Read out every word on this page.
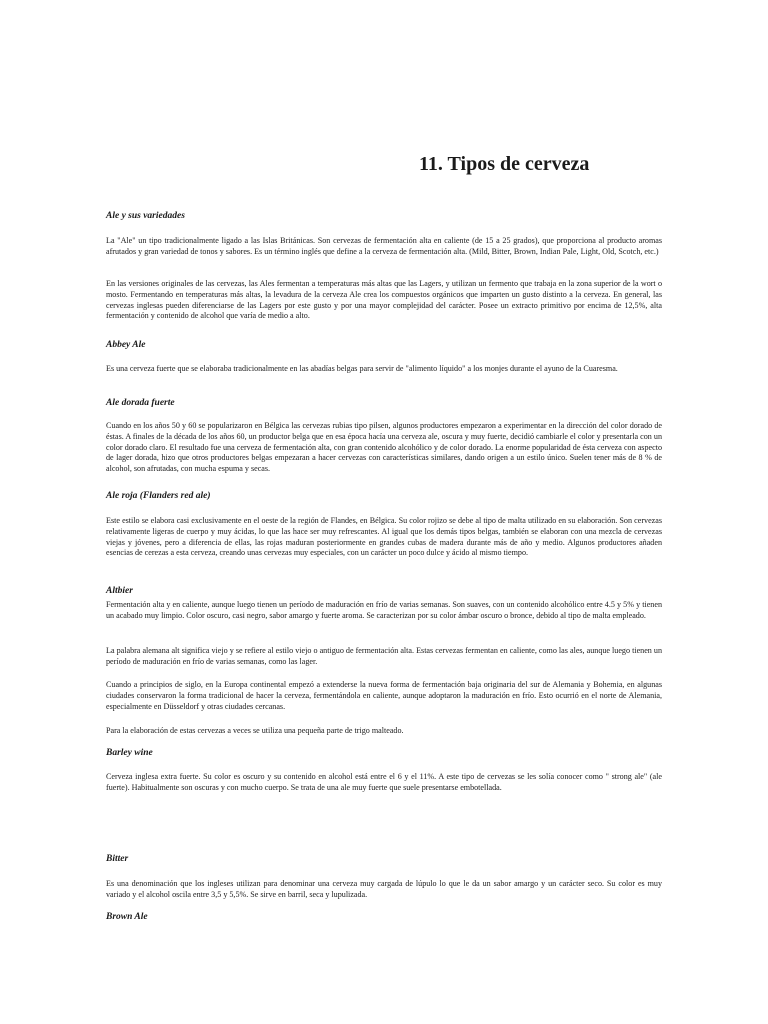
11. Tipos de cerveza
Ale y sus variedades

La "Ale" un tipo tradicionalmente ligado a las Islas Británicas. Son cervezas de fermentación alta en caliente (de 15 a 25 grados), que proporciona al producto aromas afrutados y gran variedad de tonos y sabores. Es un término inglés que define a la cerveza de fermentación alta. (Mild, Bitter, Brown, Indian Pale, Light, Old, Scotch, etc.)

En las versiones originales de las cervezas, las Ales fermentan a temperaturas más altas que las Lagers, y utilizan un fermento que trabaja en la zona superior de la wort o mosto. Fermentando en temperaturas más altas, la levadura de la cerveza Ale crea los compuestos orgánicos que imparten un gusto distinto a la cerveza. En general, las cervezas inglesas pueden diferenciarse de las Lagers por este gusto y por una mayor complejidad del carácter. Posee un extracto primitivo por encima de 12,5%, alta fermentación y contenido de alcohol que varía de medio a alto.

Abbey Ale

Es una cerveza fuerte que se elaboraba tradicionalmente en las abadías belgas para servir de "alimento líquido" a los monjes durante el ayuno de la Cuaresma.

Ale dorada fuerte

Cuando en los años 50 y 60 se popularizaron en Bélgica las cervezas rubias tipo pilsen, algunos productores empezaron a experimentar en la dirección del color dorado de éstas. A finales de la década de los años 60, un productor belga que en esa época hacía una cerveza ale, oscura y muy fuerte, decidió cambiarle el color y presentarla con un color dorado claro. El resultado fue una cerveza de fermentación alta, con gran contenido alcohólico y de color dorado. La enorme popularidad de ésta cerveza con aspecto de lager dorada, hizo que otros productores belgas empezaran a hacer cervezas con características similares, dando origen a un estilo único. Suelen tener más de 8 % de alcohol, son afrutadas, con mucha espuma y secas.

Ale roja (Flanders red ale)

Este estilo se elabora casi exclusivamente en el oeste de la región de Flandes, en Bélgica. Su color rojizo se debe al tipo de malta utilizado en su elaboración. Son cervezas relativamente ligeras de cuerpo y muy ácidas, lo que las hace ser muy refrescantes. Al igual que los demás tipos belgas, también se elaboran con una mezcla de cervezas viejas y jóvenes, pero a diferencia de ellas, las rojas maduran posteriormente en grandes cubas de madera durante más de año y medio. Algunos productores añaden esencias de cerezas a esta cerveza, creando unas cervezas muy especiales, con un carácter un poco dulce y ácido al mismo tiempo.

Altbier

Fermentación alta y en caliente, aunque luego tienen un período de maduración en frío de varias semanas. Son suaves, con un contenido alcohólico entre 4.5 y 5% y tienen un acabado muy limpio. Color oscuro, casi negro, sabor amargo y fuerte aroma. Se caracterizan por su color ámbar oscuro o bronce, debido al tipo de malta empleado.

La palabra alemana alt significa viejo y se refiere al estilo viejo o antiguo de fermentación alta. Estas cervezas fermentan en caliente, como las ales, aunque luego tienen un período de maduración en frío de varias semanas, como las lager.

Cuando a principios de siglo, en la Europa continental empezó a extenderse la nueva forma de fermentación baja originaria del sur de Alemania y Bohemia, en algunas ciudades conservaron la forma tradicional de hacer la cerveza, fermentándola en caliente, aunque adoptaron la maduración en frío. Esto ocurrió en el norte de Alemania, especialmente en Düsseldorf y otras ciudades cercanas.

Para la elaboración de estas cervezas a veces se utiliza una pequeña parte de trigo malteado.

Barley wine

Cerveza inglesa extra fuerte. Su color es oscuro y su contenido en alcohol está entre el 6 y el 11%. A este tipo de cervezas se les solía conocer como " strong ale" (ale fuerte). Habitualmente son oscuras y con mucho cuerpo. Se trata de una ale muy fuerte que suele presentarse embotellada.

Bitter

Es una denominación que los ingleses utilizan para denominar una cerveza muy cargada de lúpulo lo que le da un sabor amargo y un carácter seco. Su color es muy variado y el alcohol oscila entre 3,5 y 5,5%. Se sirve en barril, seca y lupulizada.

Brown Ale
